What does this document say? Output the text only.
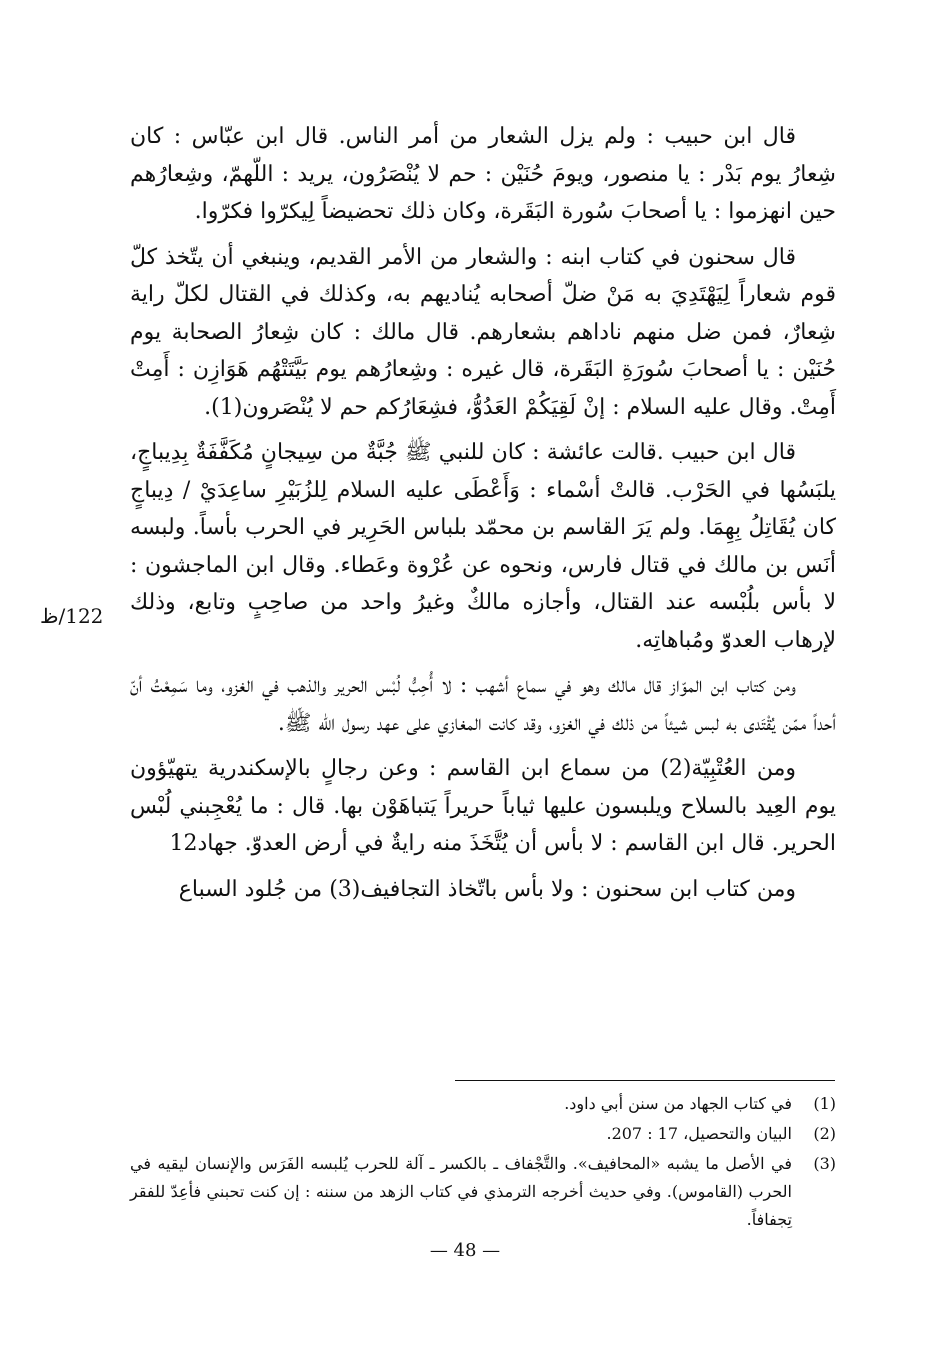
122/ظ

قال ابن حبيب : ولم يزل الشعار من أمر الناس. قال ابن عبّاس : كان شِعارُ يوم بَدْر : يا منصور، ويومَ حُنَيْن : حم لا يُنْصَرُون، يريد : اللّهمّ، وشِعارُهم حين انهزموا : يا أصحابَ سُورة البَقَرة، وكان ذلك تحضيضاً لِيكرّوا فكرّوا.

قال سحنون في كتاب ابنه : والشعار من الأمر القديم، وينبغي أن يتّخذ كلّ قوم شعاراً لِيَهْتَدِيَ به مَنْ ضلّ أصحابه يُناديهم به، وكذلك في القتال لكلّ راية شِعارٌ، فمن ضل منهم ناداهم بشعارهم. قال مالك : كان شِعارُ الصحابة يوم حُنَيْن : يا أصحابَ سُورَةِ البَقَرة، قال غيره : وشِعارُهم يوم بَيَّتَتْهُم هَوَازِن : أَمِتْ أَمِتْ. وقال عليه السلام : إنْ لَقِيَكُمْ العَدُوُّ، فشِعَارُكم حم لا يُنْصَرون(1).

قال ابن حبيب .قالت عائشة : كان للنبي ﷺ جُبَّةٌ من سِيجانٍ مُكَفَّفَةٌ بِدِيباجٍ، يلبَسُها في الحَرْب. قالتْ أسْماء : وَأَعْطَى عليه السلام لِلزُبَيْرِ ساعِدَيْ / دِيباجٍ كان يُقَاتِلُ بِهِمَا. ولم يَرَ القاسم بن محمّد بلباس الحَرِير في الحرب بأساً. ولبسه أنَس بن مالك في قتال فارس، ونحوه عن عُرْوة وعَطاء. وقال ابن الماجشون : لا بأس بلُبْسه عند القتال، وأجازه مالكٌ وغيرُ واحد من صاحِبٍ وتابع، وذلك لإرهاب العدوّ ومُباهاتِه.

ومن كتاب ابن الموّاز قال مالك وهو في سماع أشهب : لا أُحِبُّ لُبْس الحرير والذهب في الغزو، وما سَمِعْتُ أنّ أحداً ممّن يُقْتَدى به لبس شيئاً من ذلك في الغزو، وقد كانت المغازي على عهد رسول الله ﷺ.

ومن العُتْبِيّة(2) من سماع ابن القاسم : وعن رجالٍ بالإسكندرية يتهيّؤون يوم العِيد بالسلاح ويلبسون عليها ثياباً حريراً يَتباهَوْن بها. قال : ما يُعْجِبني لُبْس الحرير. قال ابن القاسم : لا بأس أن يُتَّخَذَ منه رايةٌ في أرض العدوّ. جهاد12

ومن كتاب ابن سحنون : ولا بأس باتّخاذ التجافيف(3) من جُلود السباع

(1)
في كتاب الجهاد من سنن أبي داود.
(2)
البيان والتحصيل، 17 : 207.
(3)
في الأصل ما يشبه «المحافيف». والتَّجْفاف ـ بالكسر ـ آلة للحرب يُلبسه الفَرَس والإنسان ليقيه في الحرب (القاموس). وفي حديث أخرجه الترمذي في كتاب الزهد من سننه : إن كنت تحبني فأعِدّ للفقر تِجفافاً.
— 48 —
